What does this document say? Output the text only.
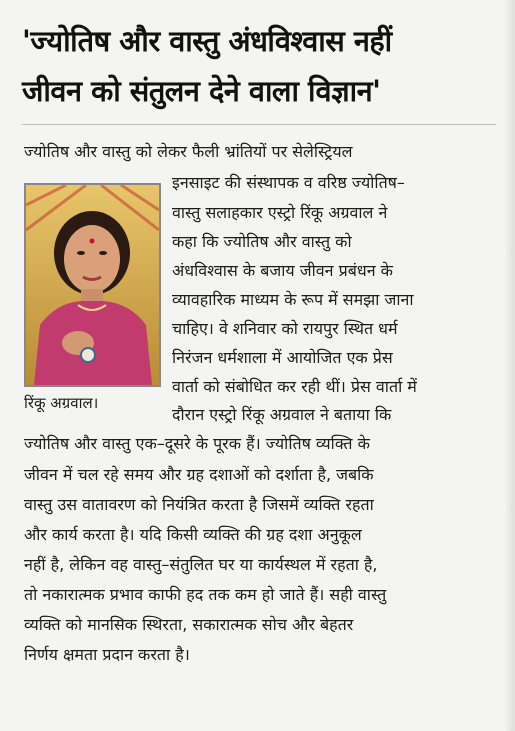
'ज्योतिष और वास्तु अंधविश्वास नहीं
जीवन को संतुलन देने वाला विज्ञान'
ज्योतिष और वास्तु को लेकर फैली भ्रांतियों पर सेलेस्ट्रियल
इनसाइट की संस्थापक व वरिष्ठ ज्योतिष–
वास्तु सलाहकार एस्ट्रो रिंकू अग्रवाल ने
कहा कि ज्योतिष और वास्तु को
अंधविश्वास के बजाय जीवन प्रबंधन के
व्यावहारिक माध्यम के रूप में समझा जाना
चाहिए। वे शनिवार को रायपुर स्थित धर्म
निरंजन धर्मशाला में आयोजित एक प्रेस
वार्ता को संबोधित कर रही थीं। प्रेस वार्ता में
दौरान एस्ट्रो रिंकू अग्रवाल ने बताया कि
ज्योतिष और वास्तु एक–दूसरे के पूरक हैं। ज्योतिष व्यक्ति के
जीवन में चल रहे समय और ग्रह दशाओं को दर्शाता है, जबकि
वास्तु उस वातावरण को नियंत्रित करता है जिसमें व्यक्ति रहता
और कार्य करता है। यदि किसी व्यक्ति की ग्रह दशा अनुकूल
नहीं है, लेकिन वह वास्तु–संतुलित घर या कार्यस्थल में रहता है,
तो नकारात्मक प्रभाव काफी हद तक कम हो जाते हैं। सही वास्तु
व्यक्ति को मानसिक स्थिरता, सकारात्मक सोच और बेहतर
निर्णय क्षमता प्रदान करता है।
रिंकू अग्रवाल।
